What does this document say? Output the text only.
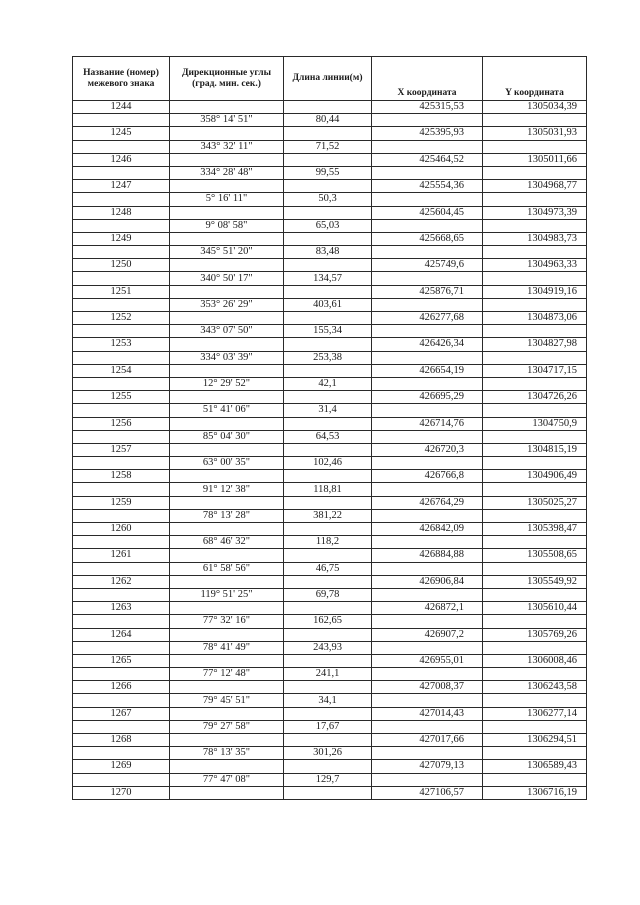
Название (номер) межевого знака	Дирекционные углы (град. мин. сек.)	Длина линии(м)	X координата	Y координата
1244			425315,53	1305034,39
	358° 14' 51"	80,44		
1245			425395,93	1305031,93
	343° 32' 11"	71,52		
1246			425464,52	1305011,66
	334° 28' 48"	99,55		
1247			425554,36	1304968,77
	5° 16' 11"	50,3		
1248			425604,45	1304973,39
	9° 08' 58"	65,03		
1249			425668,65	1304983,73
	345° 51' 20"	83,48		
1250			425749,6	1304963,33
	340° 50' 17"	134,57		
1251			425876,71	1304919,16
	353° 26' 29"	403,61		
1252			426277,68	1304873,06
	343° 07' 50"	155,34		
1253			426426,34	1304827,98
	334° 03' 39"	253,38		
1254			426654,19	1304717,15
	12° 29' 52"	42,1		
1255			426695,29	1304726,26
	51° 41' 06"	31,4		
1256			426714,76	1304750,9
	85° 04' 30"	64,53		
1257			426720,3	1304815,19
	63° 00' 35"	102,46		
1258			426766,8	1304906,49
	91° 12' 38"	118,81		
1259			426764,29	1305025,27
	78° 13' 28"	381,22		
1260			426842,09	1305398,47
	68° 46' 32"	118,2		
1261			426884,88	1305508,65
	61° 58' 56"	46,75		
1262			426906,84	1305549,92
	119° 51' 25"	69,78		
1263			426872,1	1305610,44
	77° 32' 16"	162,65		
1264			426907,2	1305769,26
	78° 41' 49"	243,93		
1265			426955,01	1306008,46
	77° 12' 48"	241,1		
1266			427008,37	1306243,58
	79° 45' 51"	34,1		
1267			427014,43	1306277,14
	79° 27' 58"	17,67		
1268			427017,66	1306294,51
	78° 13' 35"	301,26		
1269			427079,13	1306589,43
	77° 47' 08"	129,7		
1270			427106,57	1306716,19
